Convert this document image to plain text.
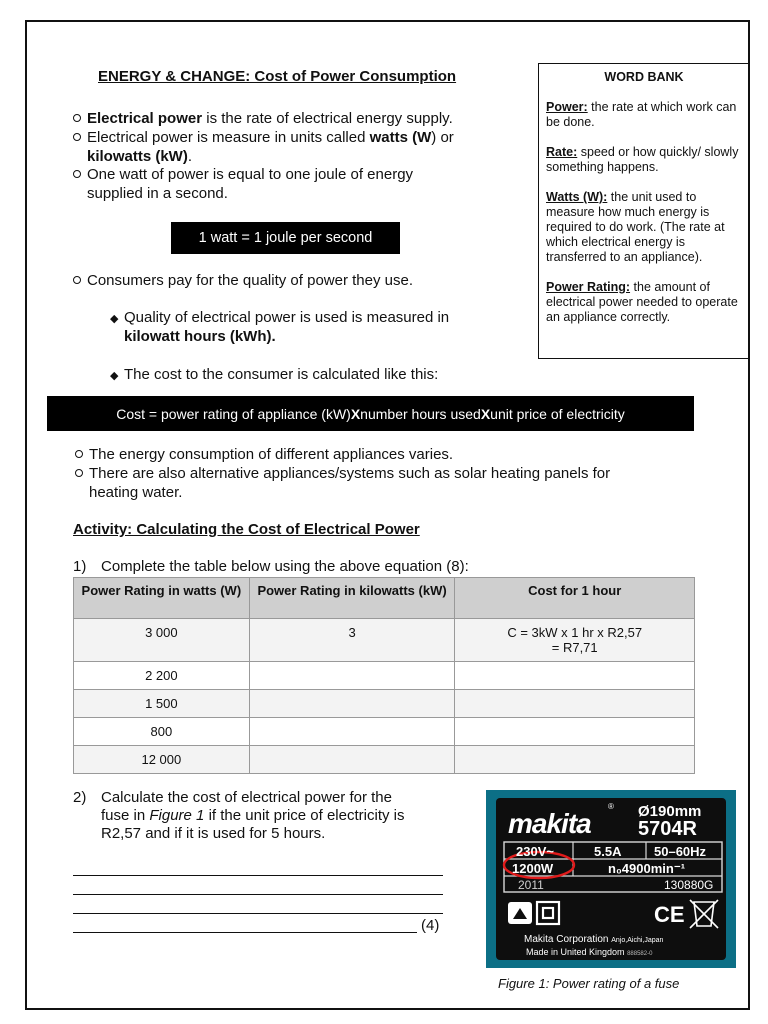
ENERGY & CHANGE: Cost of Power Consumption
Electrical power is the rate of electrical energy supply.
Electrical power is measure in units called watts (W) or
kilowatts (kW).
One watt of power is equal to one joule of energy
supplied in a second.
1 watt = 1 joule per second
Consumers pay for the quality of power they use.
◆ Quality of electrical power is used is measured in
kilowatt hours (kWh).
◆ The cost to the consumer is calculated like this:
WORD BANK
Power: the rate at which work can be done.
Rate: speed or how quickly/ slowly something happens.
Watts (W): the unit used to measure how much energy is required to do work. (The rate at which electrical energy is transferred to an appliance).
Power Rating: the amount of electrical power needed to operate an appliance correctly.
Cost = power rating of appliance (kW) X number hours used X unit price of electricity
The energy consumption of different appliances varies.
There are also alternative appliances/systems such as solar heating panels for
heating water.
Activity: Calculating the Cost of Electrical Power
1) Complete the table below using the above equation (8):
Power Rating in watts (W)	Power Rating in kilowatts (kW)	Cost for 1 hour
3 000	3	C = 3kW x 1 hr x R2,57
= R7,71

2 200		
1 500		
800		
12 000		
2) Calculate the cost of electrical power for the
fuse in Figure 1 if the unit price of electricity is
R2,57 and if it is used for 5 hours.
(4)
makita
® Ø190mm
5704R
230V~	5.5A	50–60Hz
1200W	n₀4900min⁻¹
2011	130880G
CE
Makita Corporation Anjo,Aichi,Japan
Made in United Kingdom 888582-0
Figure 1: Power rating of a fuse
